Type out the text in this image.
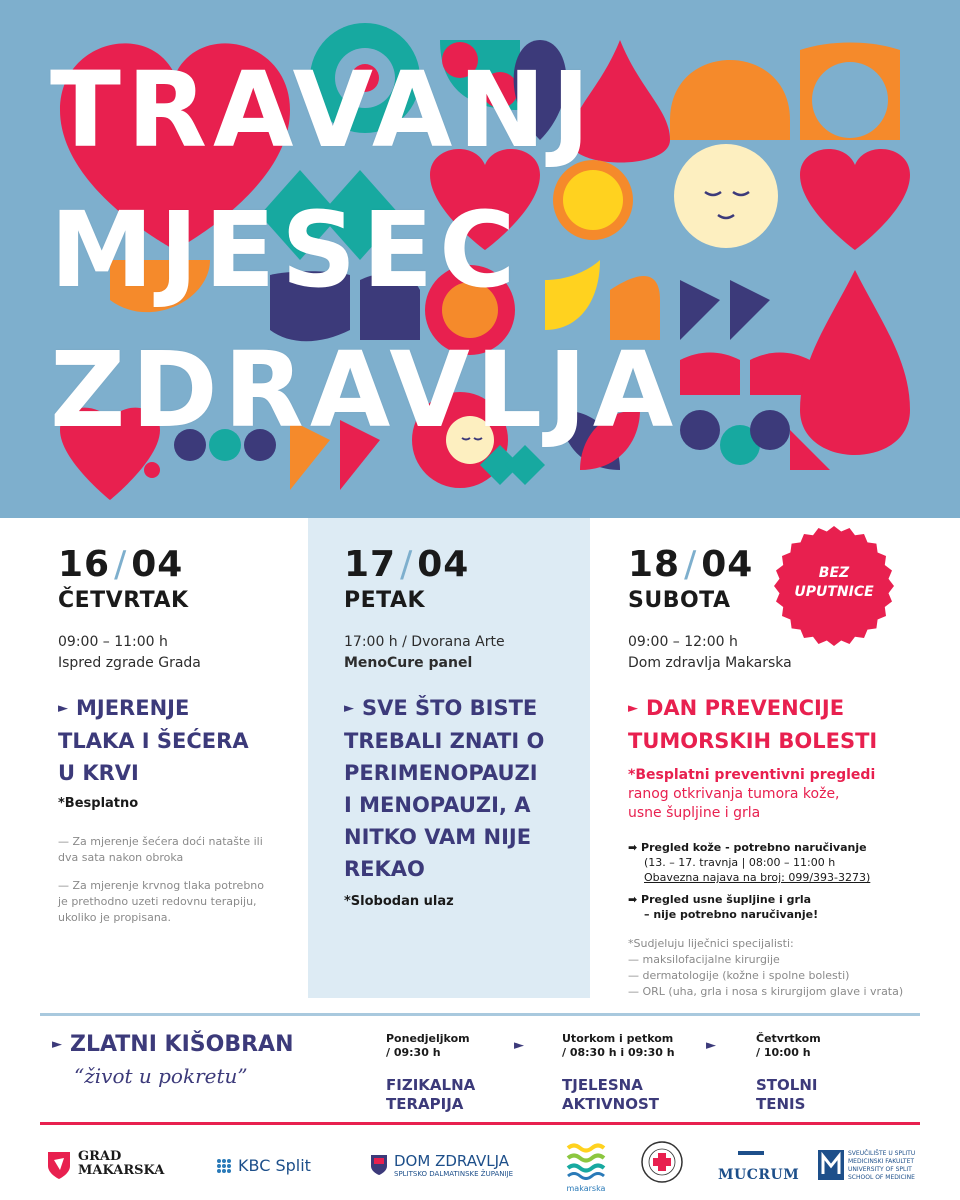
TRAVANJ
MJESEC
ZDRAVLJA
16 / 04
ČETVRTAK
09:00 – 11:00 h
Ispred zgrade Grada
► MJERENJE
TLAKA I ŠEĆERA
U KRVI
*Besplatno
— Za mjerenje šećera doći natašte ili
dva sata nakon obroka
— Za mjerenje krvnog tlaka potrebno
je prethodno uzeti redovnu terapiju,
ukoliko je propisana.
17 / 04
PETAK
17:00 h / Dvorana Arte
MenoCure panel
► SVE ŠTO BISTE
TREBALI ZNATI O
PERIMENOPAUZI
I MENOPAUZI, A
NITKO VAM NIJE
REKAO
*Slobodan ulaz
18 / 04
SUBOTA
BEZ
UPUTNICE
09:00 – 12:00 h
Dom zdravlja Makarska
► DAN PREVENCIJE
TUMORSKIH BOLESTI
*Besplatni preventivni pregledi
ranog otkrivanja tumora kože,
usne šupljine i grla
➡ Pregled kože - potrebno naručivanje
(13. – 17. travnja | 08:00 – 11:00 h
Obavezna najava na broj: 099/393-3273)
➡ Pregled usne šupljine i grla
– nije potrebno naručivanje!
*Sudjeluju liječnici specijalisti:
— maksilofacijalne kirurgije
— dermatologije (kožne i spolne bolesti)
— ORL (uha, grla i nosa s kirurgijom glave i vrata)
► ZLATNI KIŠOBRAN
“život u pokretu”
Ponedjeljkom
/ 09:30 h
FIZIKALNA
TERAPIJA
►	Utorkom i petkom
/ 08:30 h i 09:30 h
TJELESNA
AKTIVNOST
►	Četvrtkom
/ 10:00 h
STOLNI
TENIS
GRAD
MAKARSKA	KBC Split	DOM ZDRAVLJA
SPLITSKO DALMATINSKE ŽUPANIJE
makarska
MUCRUM
SVEUČILIŠTE U SPLITU
MEDICINSKI FAKULTET
UNIVERSITY OF SPLIT
SCHOOL OF MEDICINE
